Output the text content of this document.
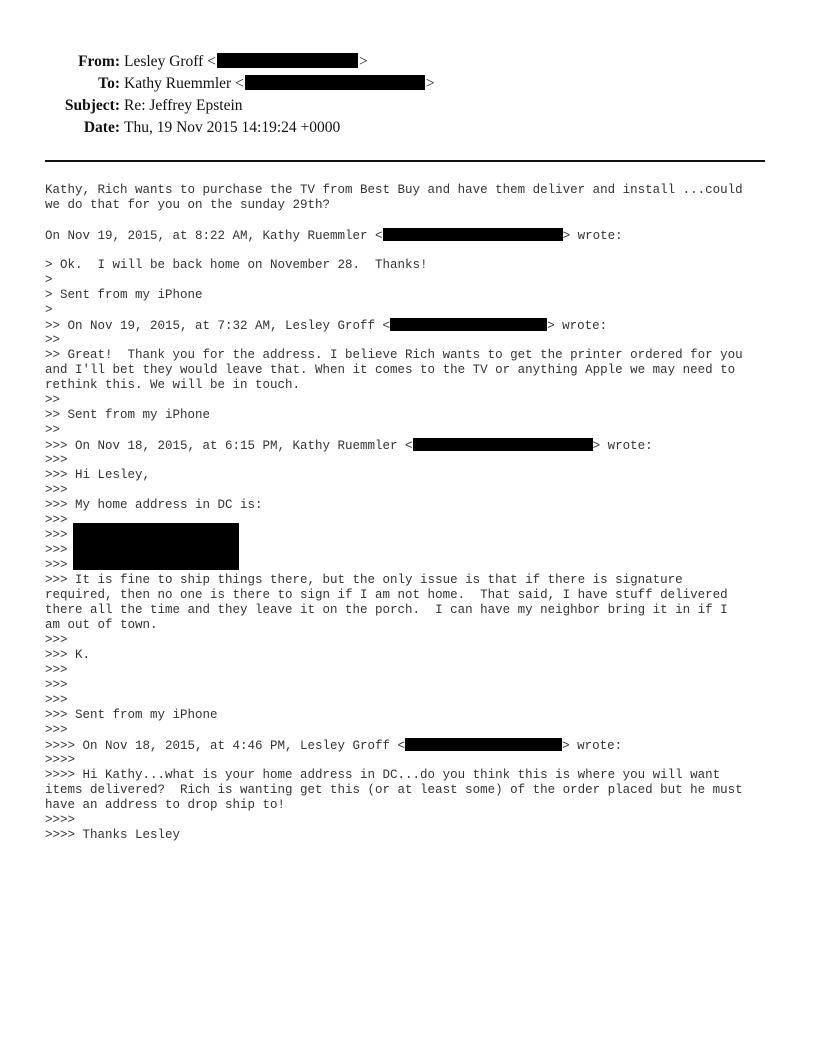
From: Lesley Groff <	>
To: Kathy Ruemmler <	>
Subject: Re: Jeffrey Epstein
Date: Thu, 19 Nov 2015 14:19:24 +0000
Kathy, Rich wants to purchase the TV from Best Buy and have them deliver and install ...could
we do that for you on the sunday 29th?
On Nov 19, 2015, at 8:22 AM, Kathy Ruemmler <	> wrote:
> Ok.  I will be back home on November 28.  Thanks!
>
> Sent from my iPhone
>
>> On Nov 19, 2015, at 7:32 AM, Lesley Groff <	> wrote:
>>
>> Great!  Thank you for the address. I believe Rich wants to get the printer ordered for you
and I'll bet they would leave that. When it comes to the TV or anything Apple we may need to
rethink this. We will be in touch.
>>
>> Sent from my iPhone
>>
>>> On Nov 18, 2015, at 6:15 PM, Kathy Ruemmler <	> wrote:
>>>
>>> Hi Lesley,
>>>
>>> My home address in DC is:
>>>
>>>
>>>
>>>
>>> It is fine to ship things there, but the only issue is that if there is signature
required, then no one is there to sign if I am not home.  That said, I have stuff delivered
there all the time and they leave it on the porch.  I can have my neighbor bring it in if I
am out of town.
>>>
>>> K.
>>>
>>>
>>>
>>> Sent from my iPhone
>>>
>>>> On Nov 18, 2015, at 4:46 PM, Lesley Groff <	> wrote:
>>>>
>>>> Hi Kathy...what is your home address in DC...do you think this is where you will want
items delivered?  Rich is wanting get this (or at least some) of the order placed but he must
have an address to drop ship to!
>>>>
>>>> Thanks Lesley
